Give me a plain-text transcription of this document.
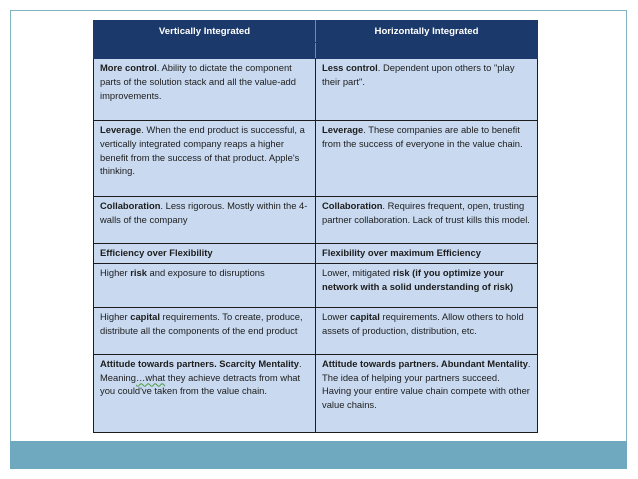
Vertically Integrated	Horizontally Integrated

More control. Ability to dictate the component parts of the solution stack and all the value-add improvements.	Less control. Dependent upon others to "play their part".
Leverage. When the end product is successful, a vertically integrated company reaps a higher benefit from the success of that product. Apple's thinking.	Leverage. These companies are able to benefit from the success of everyone in the value chain.
Collaboration. Less rigorous. Mostly within the 4-walls of the company	Collaboration. Requires frequent, open, trusting partner collaboration. Lack of trust kills this model.
Efficiency over Flexibility	Flexibility over maximum Efficiency
Higher risk and exposure to disruptions	Lower, mitigated risk (if you optimize your network with a solid understanding of risk)
Higher capital requirements. To create, produce, distribute all the components of the end product	Lower capital requirements. Allow others to hold assets of production, distribution, etc.
Attitude towards partners. Scarcity Mentality. Meaning…what they achieve detracts from what you could've taken from the value chain.	Attitude towards partners. Abundant Mentality. The idea of helping your partners succeed. Having your entire value chain compete with other value chains.
